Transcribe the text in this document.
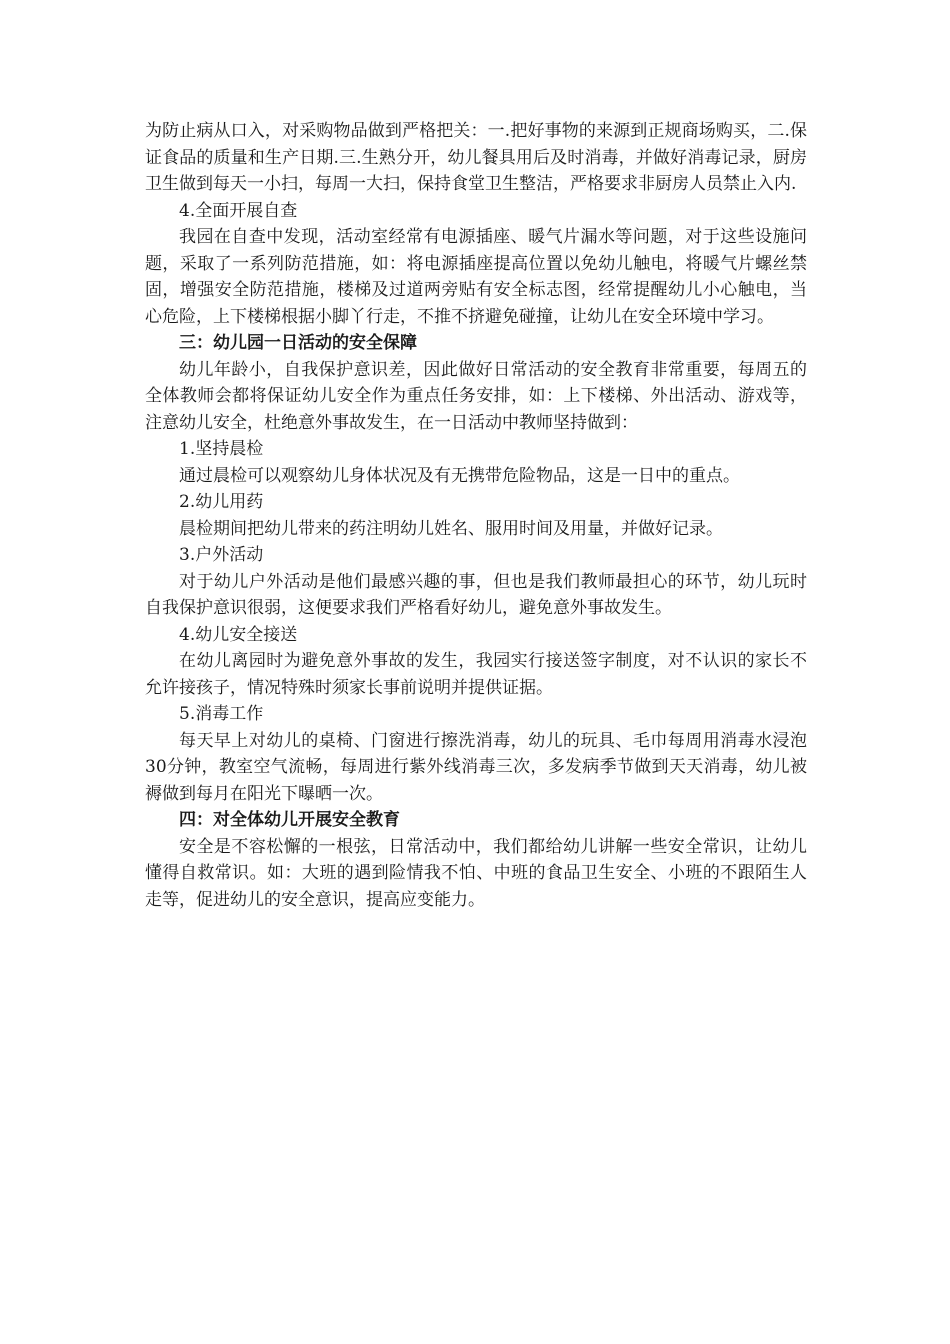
为防止病从口入，对采购物品做到严格把关：一.把好事物的来源到正规商场购买，二.保证食品的质量和生产日期.三.生熟分开，幼儿餐具用后及时消毒，并做好消毒记录，厨房卫生做到每天一小扫，每周一大扫，保持食堂卫生整洁，严格要求非厨房人员禁止入内.

4.全面开展自查

我园在自查中发现，活动室经常有电源插座、暖气片漏水等问题，对于这些设施问题，采取了一系列防范措施，如：将电源插座提高位置以免幼儿触电，将暖气片螺丝禁固，增强安全防范措施，楼梯及过道两旁贴有安全标志图，经常提醒幼儿小心触电，当心危险，上下楼梯根据小脚丫行走，不推不挤避免碰撞，让幼儿在安全环境中学习。

三：幼儿园一日活动的安全保障

幼儿年龄小，自我保护意识差，因此做好日常活动的安全教育非常重要，每周五的全体教师会都将保证幼儿安全作为重点任务安排，如：上下楼梯、外出活动、游戏等，注意幼儿安全，杜绝意外事故发生，在一日活动中教师坚持做到：

1.坚持晨检

通过晨检可以观察幼儿身体状况及有无携带危险物品，这是一日中的重点。

2.幼儿用药

晨检期间把幼儿带来的药注明幼儿姓名、服用时间及用量，并做好记录。

3.户外活动

对于幼儿户外活动是他们最感兴趣的事，但也是我们教师最担心的环节，幼儿玩时自我保护意识很弱，这便要求我们严格看好幼儿，避免意外事故发生。

4.幼儿安全接送

在幼儿离园时为避免意外事故的发生，我园实行接送签字制度，对不认识的家长不允许接孩子，情况特殊时须家长事前说明并提供证据。

5.消毒工作

每天早上对幼儿的桌椅、门窗进行擦洗消毒，幼儿的玩具、毛巾每周用消毒水浸泡30分钟，教室空气流畅，每周进行紫外线消毒三次，多发病季节做到天天消毒，幼儿被褥做到每月在阳光下曝晒一次。

四：对全体幼儿开展安全教育

安全是不容松懈的一根弦，日常活动中，我们都给幼儿讲解一些安全常识，让幼儿懂得自救常识。如：大班的遇到险情我不怕、中班的食品卫生安全、小班的不跟陌生人走等，促进幼儿的安全意识，提高应变能力。
